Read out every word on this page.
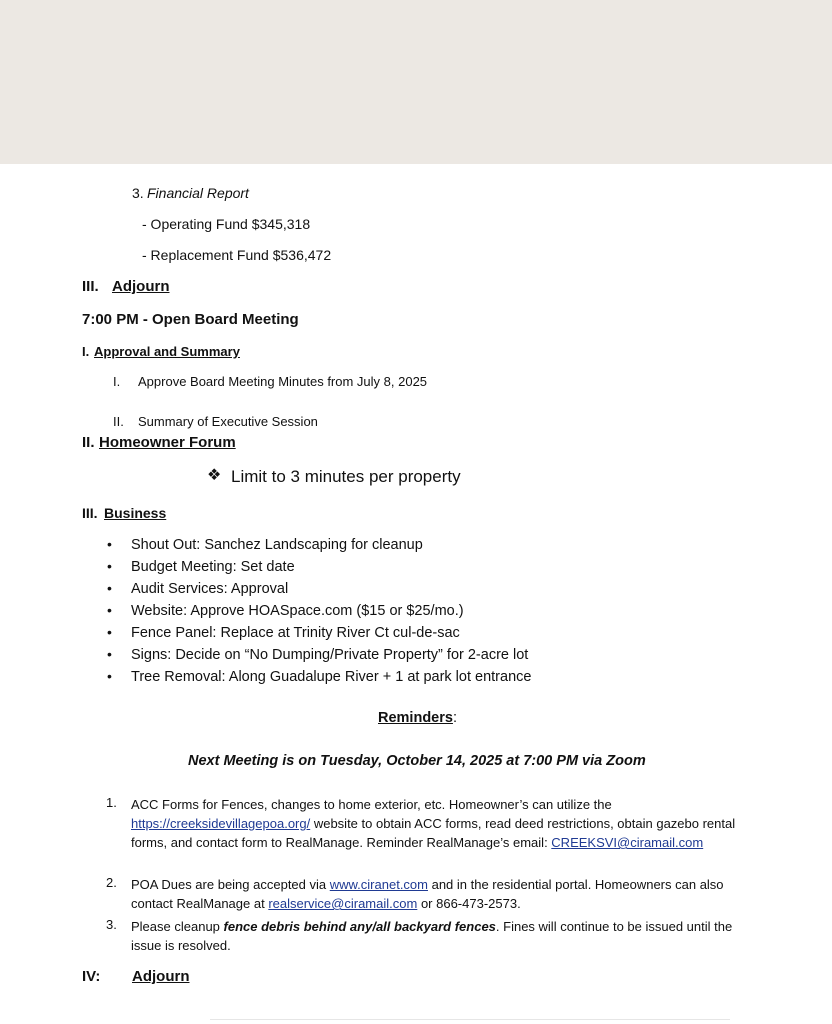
3. Financial Report
- Operating Fund $345,318
- Replacement Fund $536,472
III. Adjourn
7:00 PM - Open Board Meeting
I. Approval and Summary
I. Approve Board Meeting Minutes from July 8, 2025
II. Summary of Executive Session
II. Homeowner Forum
❖ Limit to 3 minutes per property
III. Business
• Shout Out: Sanchez Landscaping for cleanup
• Budget Meeting: Set date
• Audit Services: Approval
• Website: Approve HOASpace.com ($15 or $25/mo.)
• Fence Panel: Replace at Trinity River Ct cul-de-sac
• Signs: Decide on “No Dumping/Private Property” for 2-acre lot
• Tree Removal: Along Guadalupe River + 1 at park lot entrance
Reminders:
Next Meeting is on Tuesday, October 14, 2025 at 7:00 PM via Zoom
1. ACC Forms for Fences, changes to home exterior, etc. Homeowner’s can utilize the https://creeksidevillagepoa.org/ website to obtain ACC forms, read deed restrictions, obtain gazebo rental forms, and contact form to RealManage. Reminder RealManage’s email: CREEKSVI@ciramail.com
2. POA Dues are being accepted via www.ciranet.com and in the residential portal. Homeowners can also contact RealManage at realservice@ciramail.com or 866-473-2573.
3. Please cleanup fence debris behind any/all backyard fences. Fines will continue to be issued until the issue is resolved.
IV: Adjourn
